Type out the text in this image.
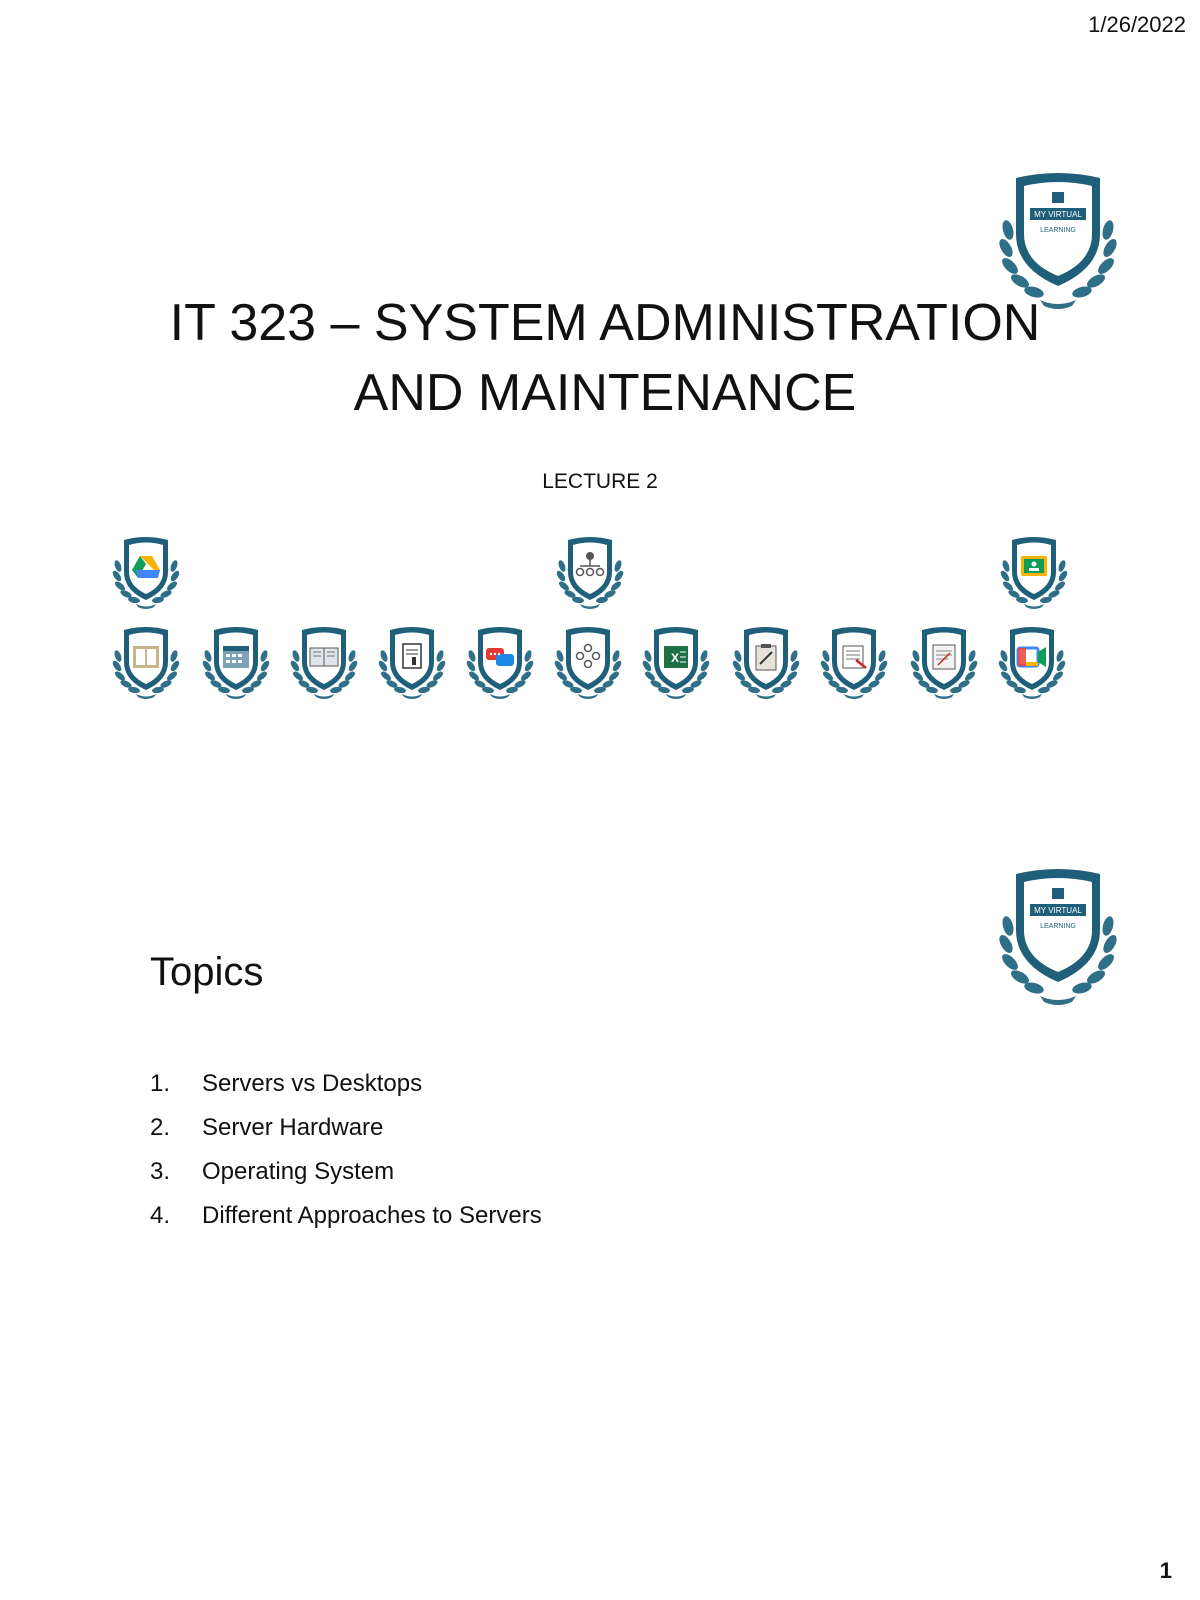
1/26/2022
MY VIRTUAL
LEARNING
IT 323 – SYSTEM ADMINISTRATION
AND MAINTENANCE
LECTURE 2
X
MY VIRTUAL
LEARNING
Topics
1.	Servers vs Desktops
2.	Server Hardware
3.	Operating System
4.	Different Approaches to Servers
1
